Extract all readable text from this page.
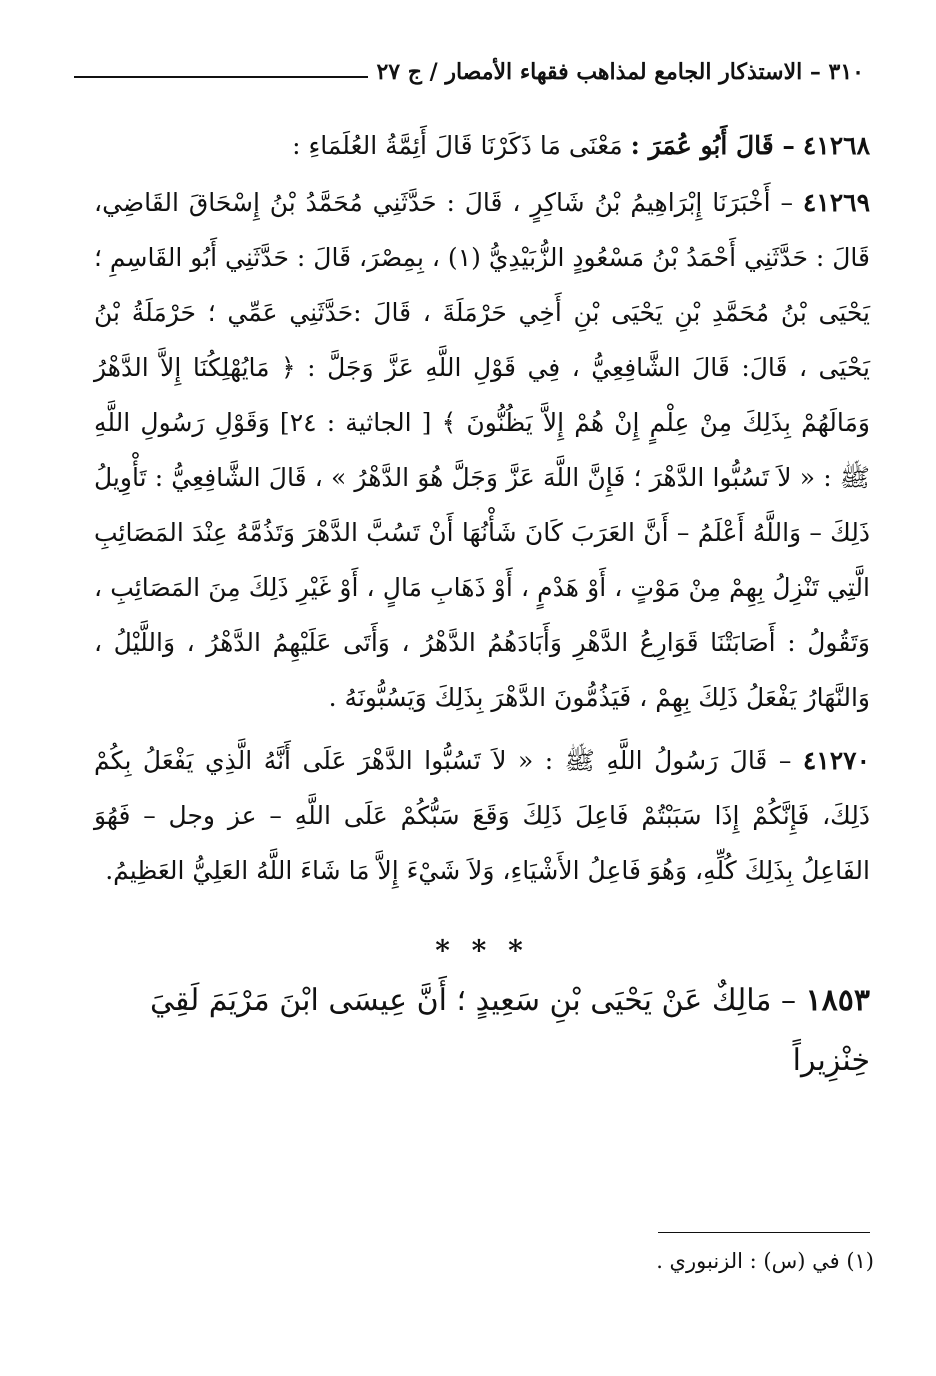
٣١٠ – الاستذكار الجامع لمذاهب فقهاء الأمصار / ج ٢٧

٤١٢٦٨ – قَالَ أَبُو عُمَرَ : مَعْنَى مَا ذَكَرْنَا قَالَ أَئِمَّةُ العُلَمَاءِ :

٤١٢٦٩ – أَخْبَرَنَا إِبْرَاهِيمُ بْنُ شَاكِرٍ ، قَالَ : حَدَّثَنِي مُحَمَّدُ بْنُ إِسْحَاقَ القَاضِي، قَالَ : حَدَّثَنِي أَحْمَدُ بْنُ مَسْعُودٍ الزُّبَيْدِيُّ (١) ، بِمِصْرَ، قَالَ : حَدَّثَنِي أَبُو القَاسِمِ ؛ يَحْيَى بْنُ مُحَمَّدِ بْنِ يَحْيَى بْنِ أَخِي حَرْمَلَةَ ، قَالَ :حَدَّثَنِي عَمِّي ؛ حَرْمَلَةُ بْنُ يَحْيَى ، قَالَ: قَالَ الشَّافِعِيُّ ، فِي قَوْلِ اللَّهِ عَزَّ وَجَلَّ : ﴿ مَايُهْلِكُنَا إِلاَّ الدَّهْرُ وَمَالَهُمْ بِذَلِكَ مِنْ عِلْمٍ إِنْ هُمْ إِلاَّ يَظُنُّونَ ﴾ [ الجاثية : ٢٤] وَقَوْلِ رَسُولِ اللَّهِ ﷺ : « لاَ تَسُبُّوا الدَّهْرَ ؛ فَإِنَّ اللَّهَ عَزَّ وَجَلَّ هُوَ الدَّهْرُ » ، قَالَ الشَّافِعِيُّ : تَأْوِيلُ ذَلِكَ – وَاللَّهُ أَعْلَمُ – أَنَّ العَرَبَ كَانَ شَأْنُهَا أَنْ تَسُبَّ الدَّهْرَ وَتَذُمَّهُ عِنْدَ المَصَائِبِ الَّتِي تَنْزِلُ بِهِمْ مِنْ مَوْتٍ ، أَوْ هَدْمٍ ، أَوْ ذَهَابِ مَالٍ ، أَوْ غَيْرِ ذَلِكَ مِنَ المَصَائِبِ ، وَتَقُولُ : أَصَابَتْنَا قَوَارِعُ الدَّهْرِ وَأَبَادَهُمُ الدَّهْرُ ، وَأَتَى عَلَيْهِمُ الدَّهْرُ ، وَاللَّيْلُ ، وَالنَّهَارُ يَفْعَلُ ذَلِكَ بِهِمْ ، فَيَذُمُّونَ الدَّهْرَ بِذَلِكَ وَيَسُبُّونَهُ .

٤١٢٧٠ – قَالَ رَسُولُ اللَّهِ ﷺ : « لاَ تَسُبُّوا الدَّهْرَ عَلَى أَنَّهُ الَّذِي يَفْعَلُ بِكُمْ ذَلِكَ، فَإِنَّكُمْ إِذَا سَبَبْتُمْ فَاعِلَ ذَلِكَ وَقَعَ سَبُّكُمْ عَلَى اللَّهِ – عز وجل – فَهُوَ الفَاعِلُ بِذَلِكَ كُلِّهِ، وَهُوَ فَاعِلُ الأَشْيَاءِ، وَلاَ شَيْءَ إِلاَّ مَا شَاءَ اللَّهُ العَلِيُّ العَظِيمُ.

* * *

١٨٥٣ – مَالِكٌ عَنْ يَحْيَى بْنِ سَعِيدٍ ؛ أَنَّ عِيسَى ابْنَ مَرْيَمَ لَقِيَ خِنْزِيراً

(١) في (س) : الزنبوري .
